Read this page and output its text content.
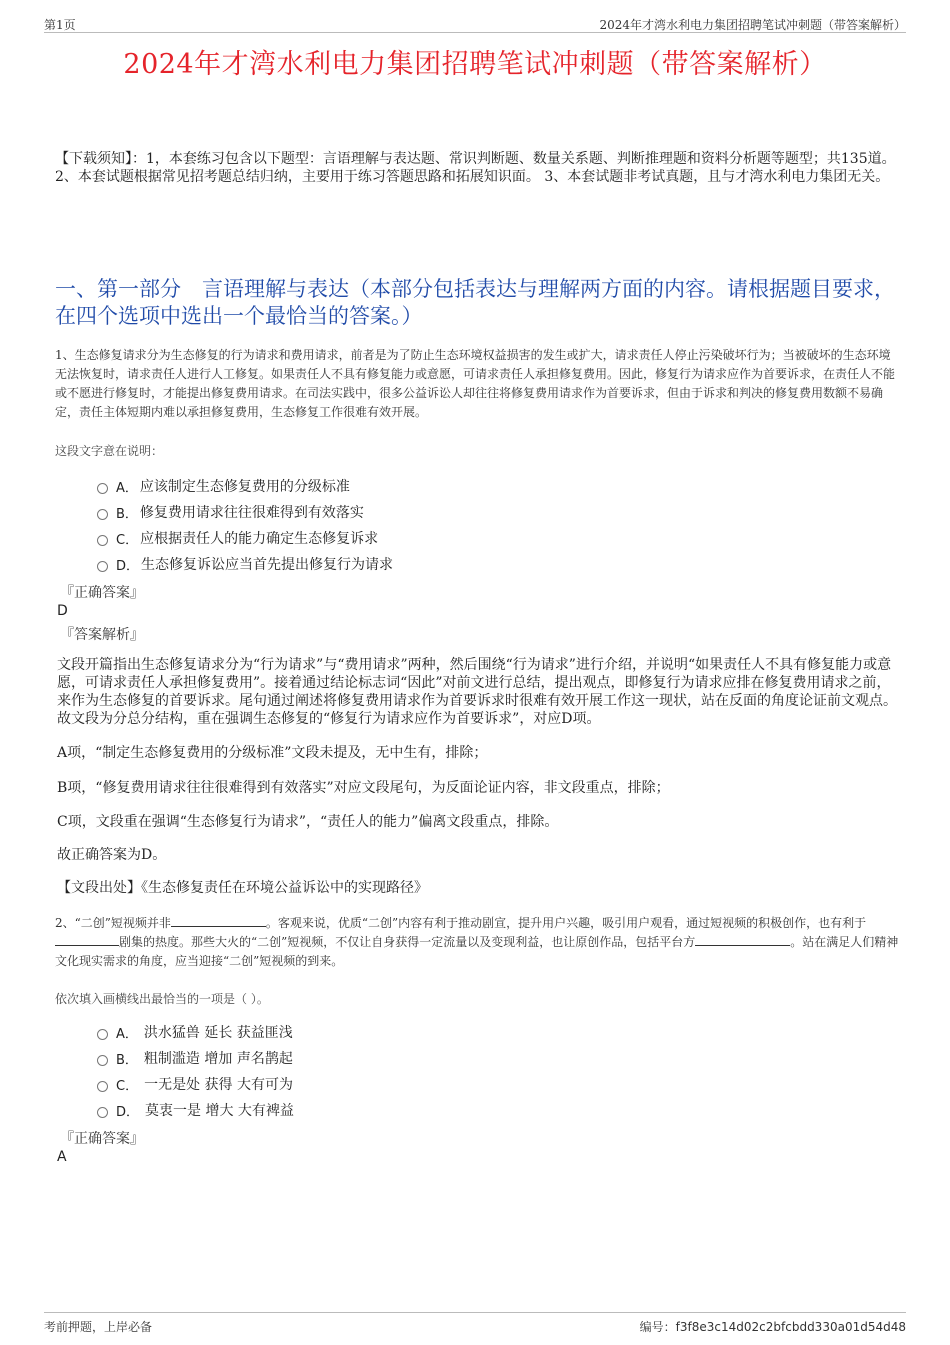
第1页	2024年才湾水利电力集团招聘笔试冲刺题（带答案解析）
2024年才湾水利电力集团招聘笔试冲刺题（带答案解析）
【下载须知】：1，本套练习包含以下题型：言语理解与表达题、常识判断题、数量关系题、判断推理题和资料分析题等题型；共135道。 2、本套试题根据常见招考题总结归纳，主要用于练习答题思路和拓展知识面。 3、本套试题非考试真题，且与才湾水利电力集团无关。
一、第一部分　言语理解与表达（本部分包括表达与理解两方面的内容。请根据题目要求，在四个选项中选出一个最恰当的答案。）
1、生态修复请求分为生态修复的行为请求和费用请求，前者是为了防止生态环境权益损害的发生或扩大，请求责任人停止污染破坏行为；当被破坏的生态环境无法恢复时，请求责任人进行人工修复。如果责任人不具有修复能力或意愿，可请求责任人承担修复费用。因此，修复行为请求应作为首要诉求，在责任人不能或不愿进行修复时，才能提出修复费用请求。在司法实践中，很多公益诉讼人却往往将修复费用请求作为首要诉求，但由于诉求和判决的修复费用数额不易确定，责任主体短期内难以承担修复费用，生态修复工作很难有效开展。
这段文字意在说明：
A． 应该制定生态修复费用的分级标准
B． 修复费用请求往往很难得到有效落实
C． 应根据责任人的能力确定生态修复诉求
D． 生态修复诉讼应当首先提出修复行为请求
『正确答案』
D
『答案解析』
文段开篇指出生态修复请求分为“行为请求”与“费用请求”两种，然后围绕“行为请求”进行介绍，并说明“如果责任人不具有修复能力或意愿，可请求责任人承担修复费用”。接着通过结论标志词“因此”对前文进行总结，提出观点，即修复行为请求应排在修复费用请求之前，来作为生态修复的首要诉求。尾句通过阐述将修复费用请求作为首要诉求时很难有效开展工作这一现状，站在反面的角度论证前文观点。故文段为分总分结构，重在强调生态修复的“修复行为请求应作为首要诉求”，对应D项。
A项，“制定生态修复费用的分级标准”文段未提及，无中生有，排除；
B项，“修复费用请求往往很难得到有效落实”对应文段尾句，为反面论证内容，非文段重点，排除；
C项，文段重在强调“生态修复行为请求”，“责任人的能力”偏离文段重点，排除。
故正确答案为D。
【文段出处】《生态修复责任在环境公益诉讼中的实现路径》
2、“二创”短视频并非	。客观来说，优质“二创”内容有利于推动剧宣，提升用户兴趣，吸引用户观看，通过短视频的积极创作，也有利于剧集的热度。那些大火的“二创”短视频，不仅让自身获得一定流量以及变现利益，也让原创作品，包括平台方	。站在满足人们精神文化现实需求的角度，应当迎接“二创”短视频的到来。
依次填入画横线出最恰当的一项是（ ）。
A． 洪水猛兽 延长 获益匪浅
B． 粗制滥造 增加 声名鹊起
C． 一无是处 获得 大有可为
D． 莫衷一是 增大 大有裨益
『正确答案』
A
考前押题，上岸必备	编号：f3f8e3c14d02c2bfcbdd330a01d54d48
